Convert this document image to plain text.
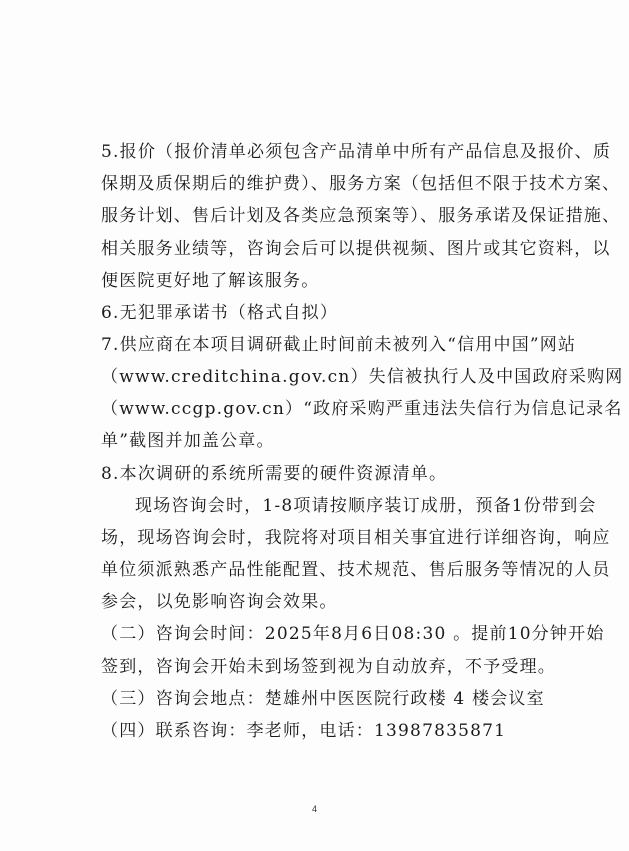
5.报价（报价清单必须包含产品清单中所有产品信息及报价、质
保期及质保期后的维护费）、服务方案（包括但不限于技术方案、
服务计划、售后计划及各类应急预案等）、服务承诺及保证措施、
相关服务业绩等，咨询会后可以提供视频、图片或其它资料，以
便医院更好地了解该服务。
6.无犯罪承诺书（格式自拟）
7.供应商在本项目调研截止时间前未被列入“信用中国”网站
（www.creditchina.gov.cn）失信被执行人及中国政府采购网
（www.ccgp.gov.cn）“政府采购严重违法失信行为信息记录名
单”截图并加盖公章。
8.本次调研的系统所需要的硬件资源清单。
现场咨询会时，1-8项请按顺序装订成册，预备1份带到会
场，现场咨询会时，我院将对项目相关事宜进行详细咨询，响应
单位须派熟悉产品性能配置、技术规范、售后服务等情况的人员
参会，以免影响咨询会效果。
（二）咨询会时间：2025年8月6日08:30 。提前10分钟开始
签到，咨询会开始未到场签到视为自动放弃，不予受理。
（三）咨询会地点：楚雄州中医医院行政楼 4 楼会议室
（四）联系咨询：李老师，电话：13987835871
4
